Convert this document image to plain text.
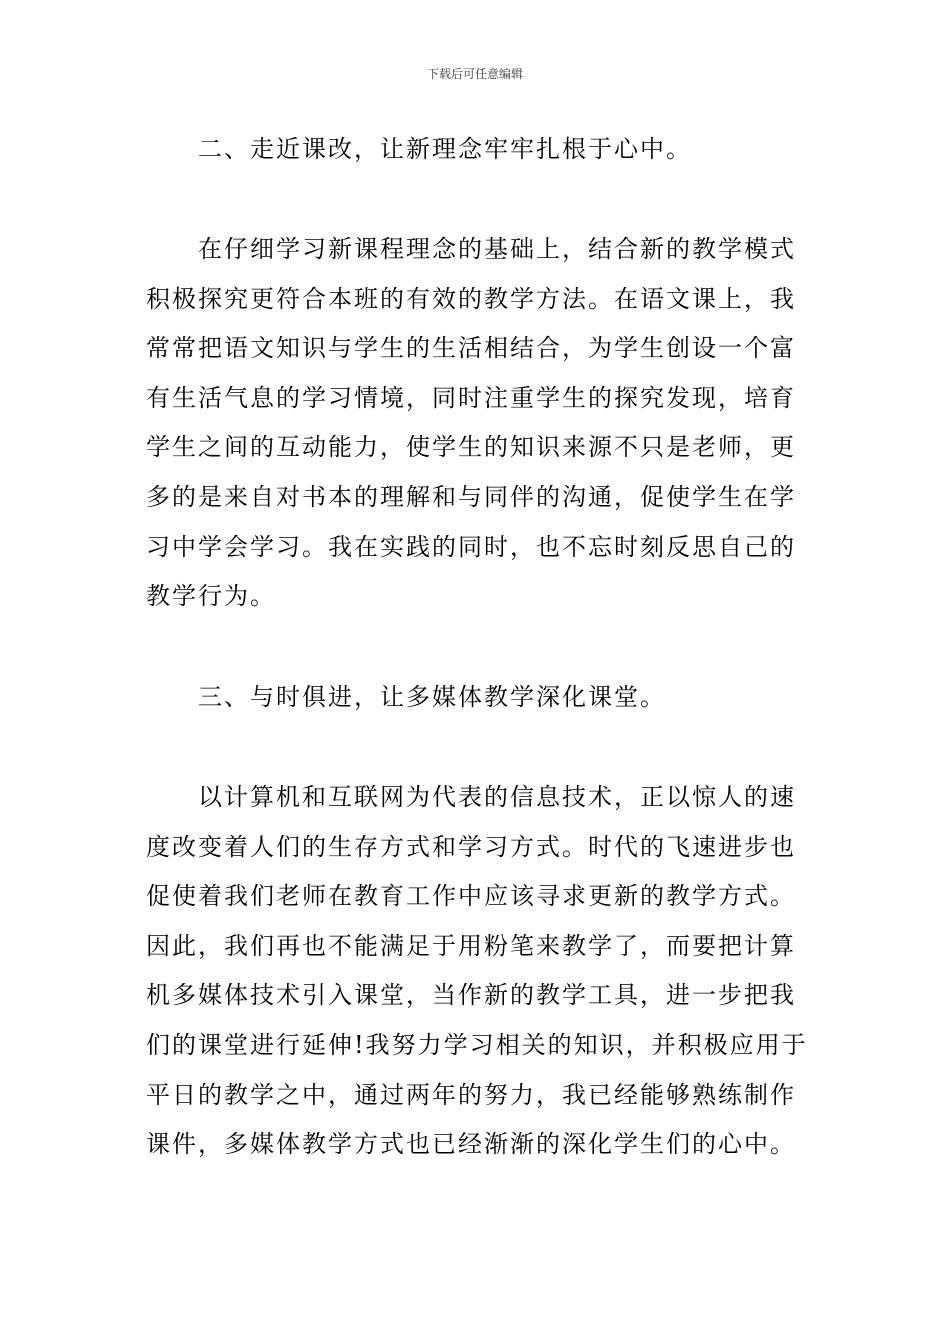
下载后可任意编辑
二、走近课改，让新理念牢牢扎根于心中。
在仔细学习新课程理念的基础上，结合新的教学模式
积极探究更符合本班的有效的教学方法。在语文课上，我
常常把语文知识与学生的生活相结合，为学生创设一个富
有生活气息的学习情境，同时注重学生的探究发现，培育
学生之间的互动能力，使学生的知识来源不只是老师，更
多的是来自对书本的理解和与同伴的沟通，促使学生在学
习中学会学习。我在实践的同时，也不忘时刻反思自己的
教学行为。
三、与时俱进，让多媒体教学深化课堂。
以计算机和互联网为代表的信息技术，正以惊人的速
度改变着人们的生存方式和学习方式。时代的飞速进步也
促使着我们老师在教育工作中应该寻求更新的教学方式。
因此，我们再也不能满足于用粉笔来教学了，而要把计算
机多媒体技术引入课堂，当作新的教学工具，进一步把我
们的课堂进行延伸!我努力学习相关的知识，并积极应用于
平日的教学之中，通过两年的努力，我已经能够熟练制作
课件，多媒体教学方式也已经渐渐的深化学生们的心中。
